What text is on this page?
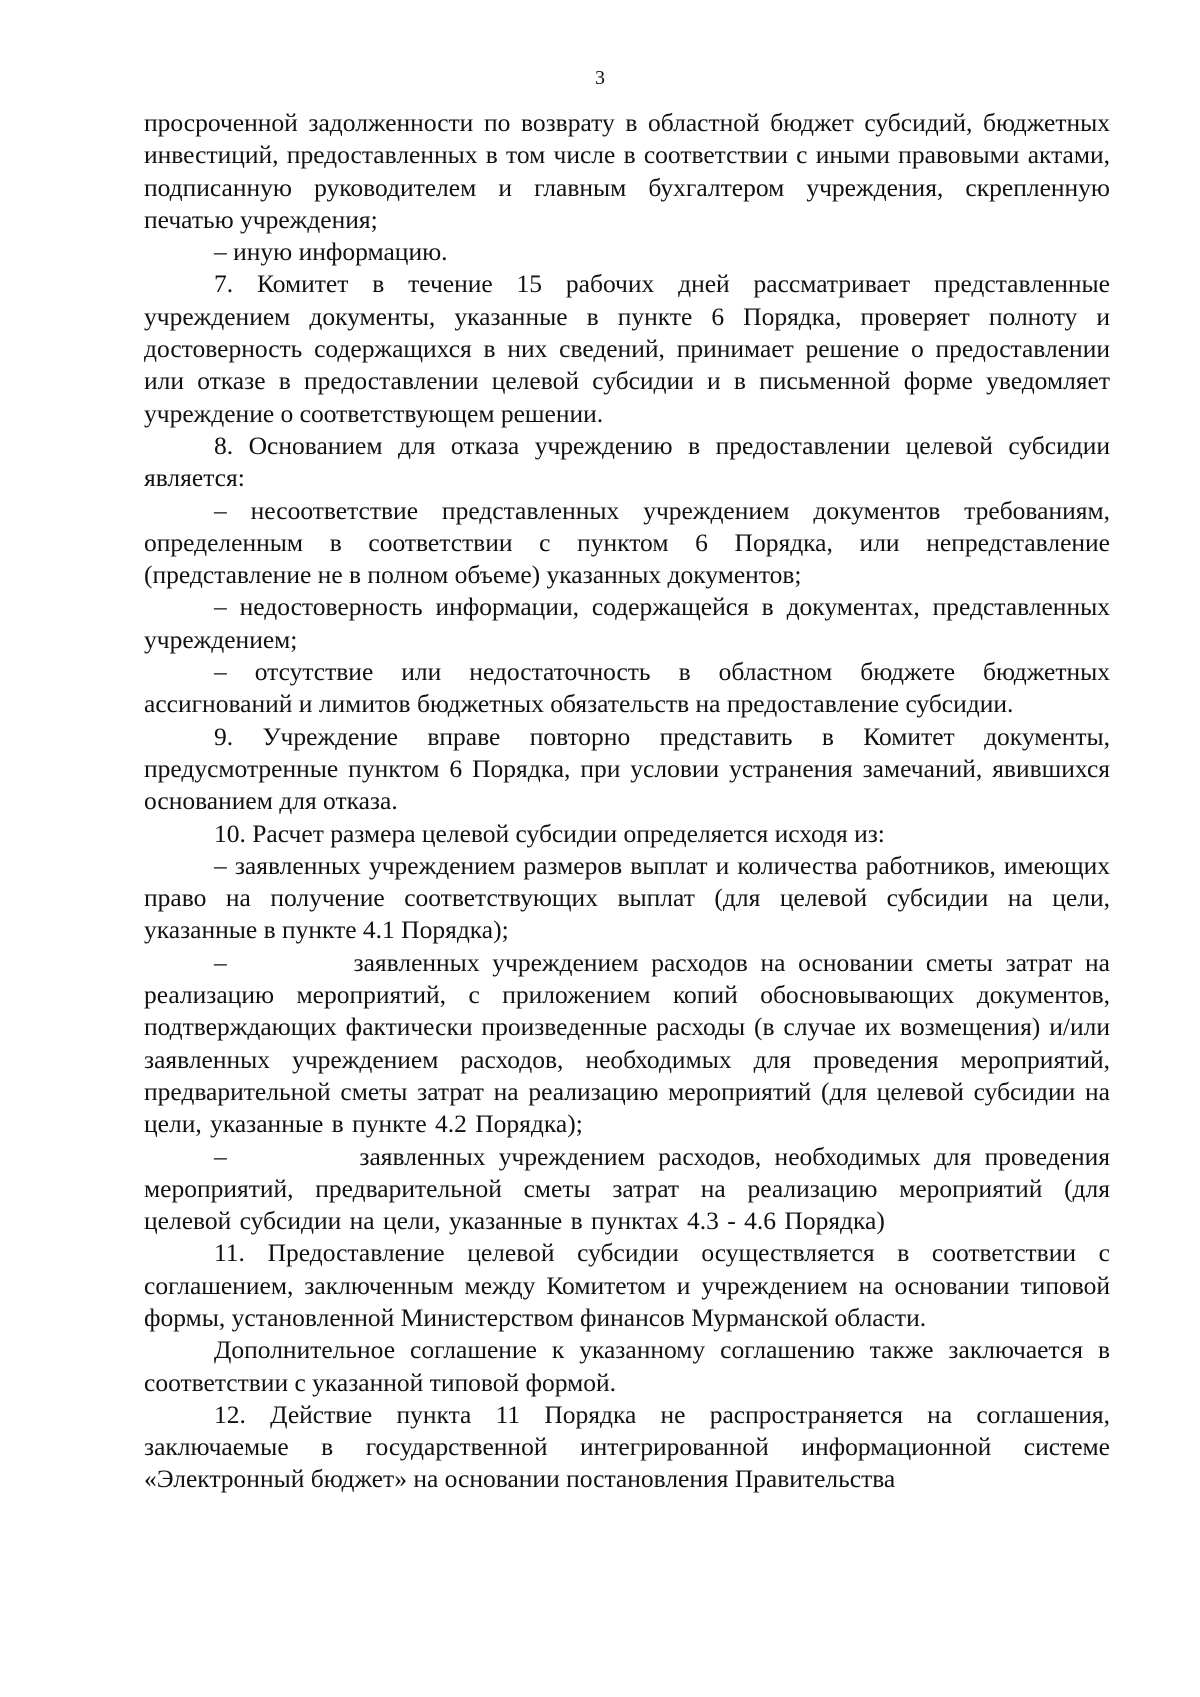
3

просроченной задолженности по возврату в областной бюджет субсидий, бюджетных инвестиций, предоставленных в том числе в соответствии с иными правовыми актами, подписанную руководителем и главным бухгалтером учреждения, скрепленную печатью учреждения;

– иную информацию.

7. Комитет в течение 15 рабочих дней рассматривает представленные учреждением документы, указанные в пункте 6 Порядка, проверяет полноту и достоверность содержащихся в них сведений, принимает решение о предоставлении или отказе в предоставлении целевой субсидии и в письменной форме уведомляет учреждение о соответствующем решении.

8. Основанием для отказа учреждению в предоставлении целевой субсидии является:

– несоответствие представленных учреждением документов требованиям, определенным в соответствии с пунктом 6 Порядка, или непредставление (представление не в полном объеме) указанных документов;

– недостоверность информации, содержащейся в документах, представленных учреждением;

– отсутствие или недостаточность в областном бюджете бюджетных ассигнований и лимитов бюджетных обязательств на предоставление субсидии.

9. Учреждение вправе повторно представить в Комитет документы, предусмотренные пунктом 6 Порядка, при условии устранения замечаний, явившихся основанием для отказа.

10. Расчет размера целевой субсидии определяется исходя из:

– заявленных учреждением размеров выплат и количества работников, имеющих право на получение соответствующих выплат (для целевой субсидии на цели, указанные в пункте 4.1 Порядка);

–          заявленных учреждением расходов на основании сметы затрат на реализацию мероприятий, с приложением копий обосновывающих документов, подтверждающих фактически произведенные расходы (в случае их возмещения) и/или заявленных учреждением расходов, необходимых для проведения мероприятий, предварительной сметы затрат на реализацию мероприятий (для целевой субсидии на цели, указанные в пункте 4.2 Порядка);

–          заявленных учреждением расходов, необходимых для проведения мероприятий, предварительной сметы затрат на реализацию мероприятий (для целевой субсидии на цели, указанные в пунктах 4.3 - 4.6 Порядка)

11. Предоставление целевой субсидии осуществляется в соответствии с соглашением, заключенным между Комитетом и учреждением на основании типовой формы, установленной Министерством финансов Мурманской области.

Дополнительное соглашение к указанному соглашению также заключается в соответствии с указанной типовой формой.

12. Действие пункта 11 Порядка не распространяется на соглашения, заключаемые в государственной интегрированной информационной системе «Электронный бюджет» на основании постановления Правительства
